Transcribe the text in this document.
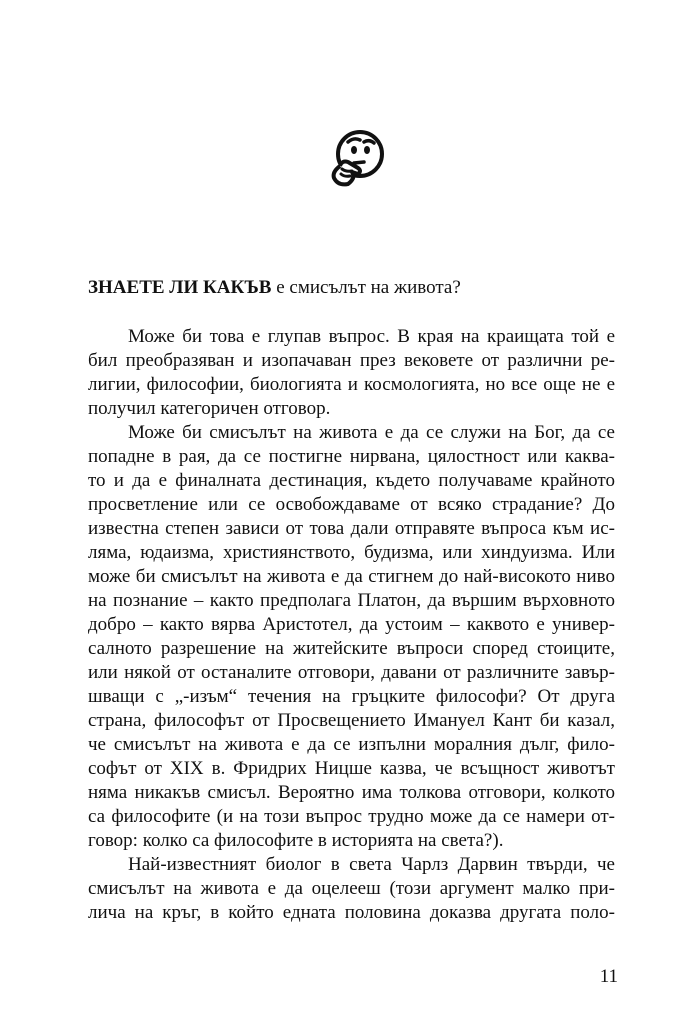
ЗНАЕТЕ ЛИ КАКЪВ е смисълът на живота?

Може би това е глупав въпрос. В края на краищата той е
бил преобразяван и изопачаван през вековете от различни ре-
лигии, философии, биологията и космологията, но все още не е
получил категоричен отговор.

Може би смисълът на живота е да се служи на Бог, да се
попадне в рая, да се постигне нирвана, цялостност или каква-
то и да е финалната дестинация, където получаваме крайното
просветление или се освобождаваме от всяко страдание? До
известна степен зависи от това дали отправяте въпроса към ис-
ляма, юдаизма, християнството, будизма, или хиндуизма. Или
може би смисълът на живота е да стигнем до най-високото ниво
на познание – както предполага Платон, да вършим върховното
добро – както вярва Аристотел, да устоим – каквото е универ-
салното разрешение на житейските въпроси според стоиците,
или някой от останалите отговори, давани от различните завър-
шващи с „-изъм“ течения на гръцките философи? От друга
страна, философът от Просвещението Имануел Кант би казал,
че смисълът на живота е да се изпълни моралния дълг, фило-
софът от XIX в. Фридрих Ницше казва, че всъщност животът
няма никакъв смисъл. Вероятно има толкова отговори, колкото
са философите (и на този въпрос трудно може да се намери от-
говор: колко са философите в историята на света?).

Най-известният биолог в света Чарлз Дарвин твърди, че
смисълът на живота е да оцелееш (този аргумент малко при-
лича на кръг, в който едната половина доказва другата поло-

11
